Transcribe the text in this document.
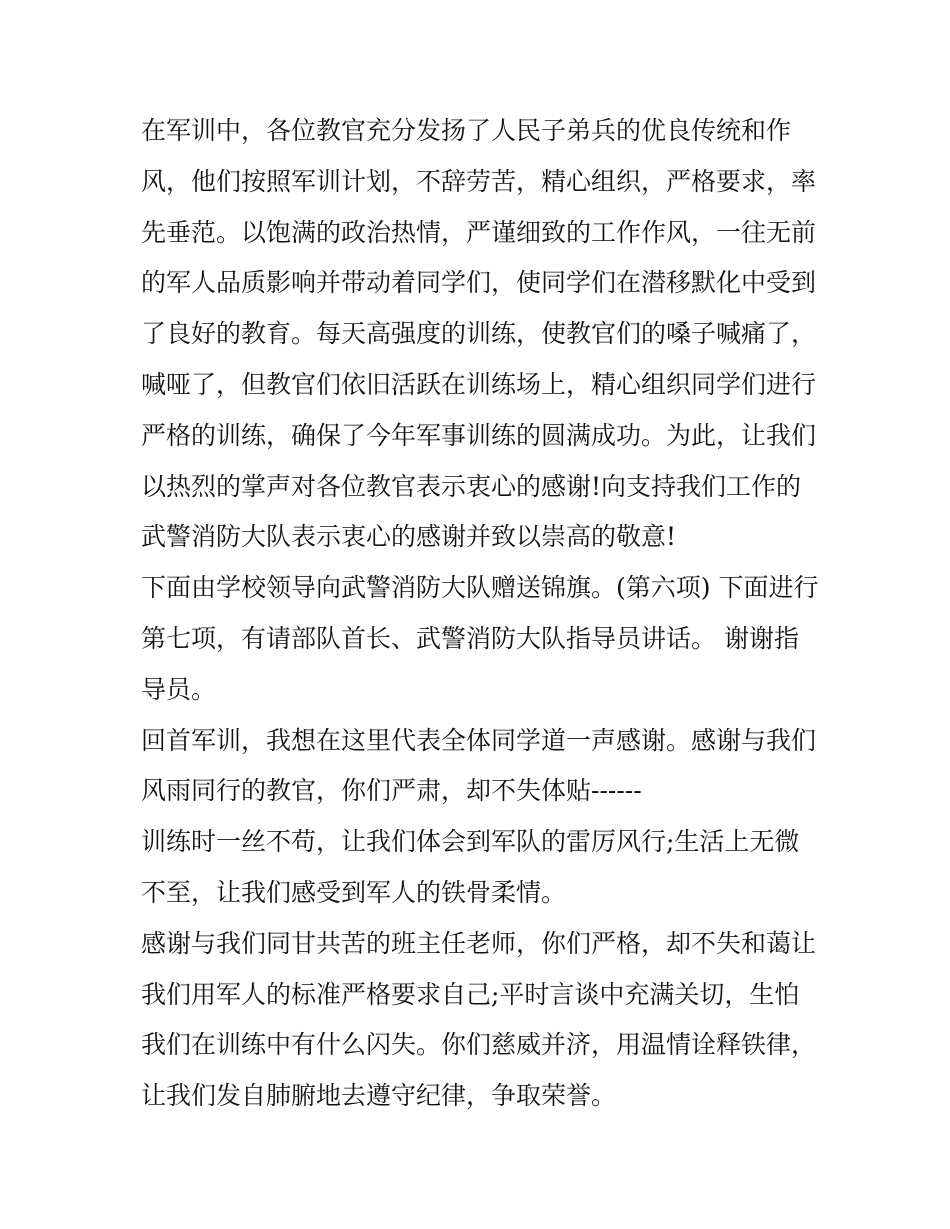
在军训中，各位教官充分发扬了人民子弟兵的优良传统和作
风，他们按照军训计划，不辞劳苦，精心组织，严格要求，率
先垂范。以饱满的政治热情，严谨细致的工作作风，一往无前
的军人品质影响并带动着同学们，使同学们在潜移默化中受到
了良好的教育。每天高强度的训练，使教官们的嗓子喊痛了，
喊哑了，但教官们依旧活跃在训练场上，精心组织同学们进行
严格的训练，确保了今年军事训练的圆满成功。为此，让我们
以热烈的掌声对各位教官表示衷心的感谢!向支持我们工作的
武警消防大队表示衷心的感谢并致以崇高的敬意!
下面由学校领导向武警消防大队赠送锦旗。(第六项) 下面进行
第七项，有请部队首长、武警消防大队指导员讲话。 谢谢指
导员。
回首军训，我想在这里代表全体同学道一声感谢。感谢与我们
风雨同行的教官，你们严肃，却不失体贴------
训练时一丝不苟，让我们体会到军队的雷厉风行;生活上无微
不至，让我们感受到军人的铁骨柔情。
感谢与我们同甘共苦的班主任老师，你们严格，却不失和蔼让
我们用军人的标准严格要求自己;平时言谈中充满关切，生怕
我们在训练中有什么闪失。你们慈威并济，用温情诠释铁律，
让我们发自肺腑地去遵守纪律，争取荣誉。
